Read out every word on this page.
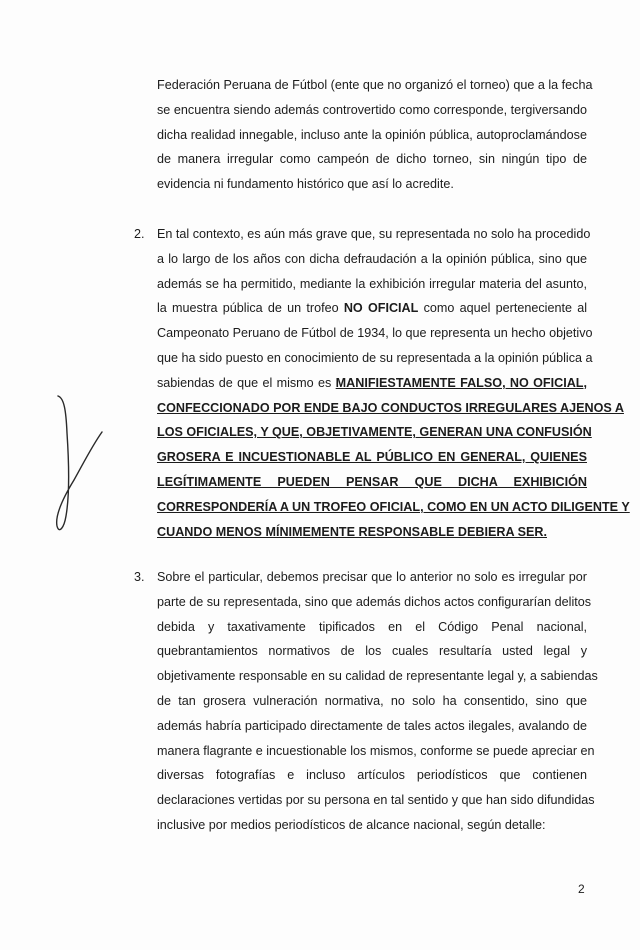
Federación Peruana de Fútbol (ente que no organizó el torneo) que a la fecha
se encuentra siendo además controvertido como corresponde, tergiversando
dicha realidad innegable, incluso ante la opinión pública, autoproclamándose
de manera irregular como campeón de dicho torneo, sin ningún tipo de
evidencia ni fundamento histórico que así lo acredite.
2. En tal contexto, es aún más grave que, su representada no solo ha procedido
a lo largo de los años con dicha defraudación a la opinión pública, sino que
además se ha permitido, mediante la exhibición irregular materia del asunto,
la muestra pública de un trofeo NO OFICIAL como aquel perteneciente al
Campeonato Peruano de Fútbol de 1934, lo que representa un hecho objetivo
que ha sido puesto en conocimiento de su representada a la opinión pública a
sabiendas de que el mismo es MANIFIESTAMENTE FALSO, NO OFICIAL,
CONFECCIONADO POR ENDE BAJO CONDUCTOS IRREGULARES AJENOS A
LOS OFICIALES, Y QUE, OBJETIVAMENTE, GENERAN UNA CONFUSIÓN
GROSERA E INCUESTIONABLE AL PÚBLICO EN GENERAL, QUIENES
LEGÍTIMAMENTE PUEDEN PENSAR QUE DICHA EXHIBICIÓN
CORRESPONDERÍA A UN TROFEO OFICIAL, COMO EN UN ACTO DILIGENTE Y
CUANDO MENOS MÍNIMEMENTE RESPONSABLE DEBIERA SER.
3. Sobre el particular, debemos precisar que lo anterior no solo es irregular por
parte de su representada, sino que además dichos actos configurarían delitos
debida y taxativamente tipificados en el Código Penal nacional,
quebrantamientos normativos de los cuales resultaría usted legal y
objetivamente responsable en su calidad de representante legal y, a sabiendas
de tan grosera vulneración normativa, no solo ha consentido, sino que
además habría participado directamente de tales actos ilegales, avalando de
manera flagrante e incuestionable los mismos, conforme se puede apreciar en
diversas fotografías e incluso artículos periodísticos que contienen
declaraciones vertidas por su persona en tal sentido y que han sido difundidas
inclusive por medios periodísticos de alcance nacional, según detalle:
2
